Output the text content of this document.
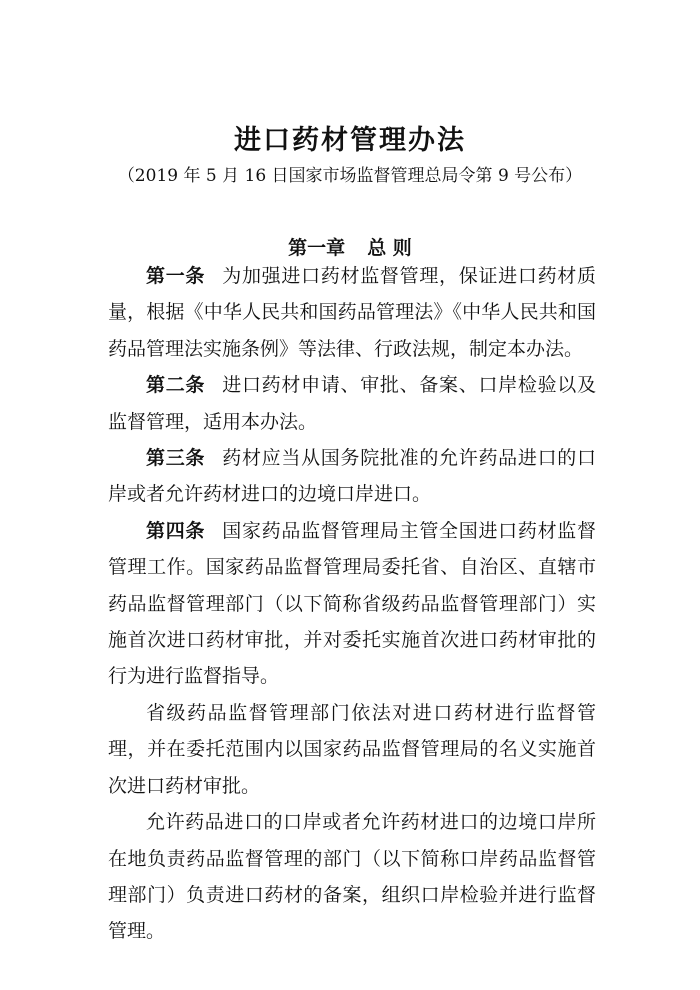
进口药材管理办法

（2019 年 5 月 16 日国家市场监督管理总局令第 9 号公布）

第一章 总 则

第一条 为加强进口药材监督管理，保证进口药材质量，根据《中华人民共和国药品管理法》《中华人民共和国药品管理法实施条例》等法律、行政法规，制定本办法。

第二条 进口药材申请、审批、备案、口岸检验以及监督管理，适用本办法。

第三条 药材应当从国务院批准的允许药品进口的口岸或者允许药材进口的边境口岸进口。

第四条 国家药品监督管理局主管全国进口药材监督管理工作。国家药品监督管理局委托省、自治区、直辖市药品监督管理部门（以下简称省级药品监督管理部门）实施首次进口药材审批，并对委托实施首次进口药材审批的行为进行监督指导。

省级药品监督管理部门依法对进口药材进行监督管理，并在委托范围内以国家药品监督管理局的名义实施首次进口药材审批。

允许药品进口的口岸或者允许药材进口的边境口岸所在地负责药品监督管理的部门（以下简称口岸药品监督管理部门）负责进口药材的备案，组织口岸检验并进行监督管理。
